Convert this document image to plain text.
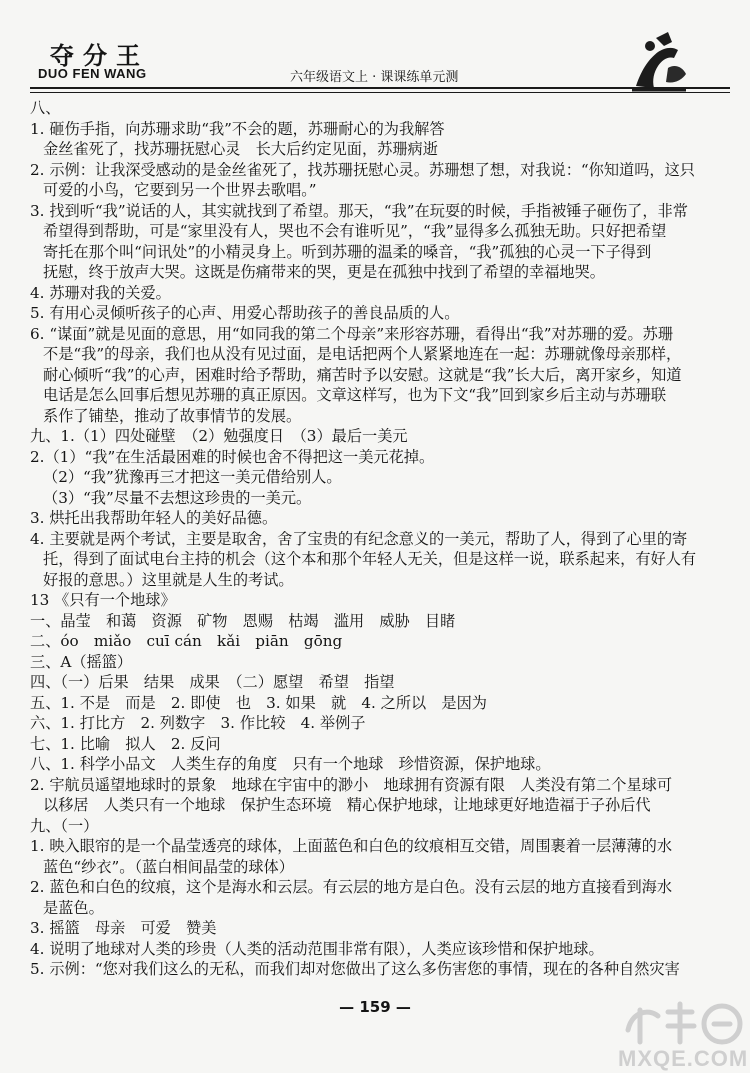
夺分王
DUO FEN WANG	六年级语文上 · 课课练单元测
八、
1. 砸伤手指，向苏珊求助“我”不会的题，苏珊耐心的为我解答
金丝雀死了，找苏珊抚慰心灵　长大后约定见面，苏珊病逝
2. 示例：让我深受感动的是金丝雀死了，找苏珊抚慰心灵。苏珊想了想，对我说：“你知道吗，这只
可爱的小鸟，它要到另一个世界去歌唱。”
3. 找到听“我”说话的人，其实就找到了希望。那天，“我”在玩耍的时候，手指被锤子砸伤了，非常
希望得到帮助，可是“家里没有人，哭也不会有谁听见”，“我”显得多么孤独无助。只好把希望
寄托在那个叫“问讯处”的小精灵身上。听到苏珊的温柔的嗓音，“我”孤独的心灵一下子得到
抚慰，终于放声大哭。这既是伤痛带来的哭，更是在孤独中找到了希望的幸福地哭。
4. 苏珊对我的关爱。
5. 有用心灵倾听孩子的心声、用爱心帮助孩子的善良品质的人。
6. “谋面”就是见面的意思，用“如同我的第二个母亲”来形容苏珊，看得出“我”对苏珊的爱。苏珊
不是“我”的母亲，我们也从没有见过面，是电话把两个人紧紧地连在一起：苏珊就像母亲那样，
耐心倾听“我”的心声，困难时给予帮助，痛苦时予以安慰。这就是“我”长大后，离开家乡，知道
电话是怎么回事后想见苏珊的真正原因。文章这样写，也为下文“我”回到家乡后主动与苏珊联
系作了铺垫，推动了故事情节的发展。
九、1.（1）四处碰壁　（2）勉强度日　（3）最后一美元
2.（1）“我”在生活最困难的时候也舍不得把这一美元花掉。
（2）“我”犹豫再三才把这一美元借给别人。
（3）“我”尽量不去想这珍贵的一美元。
3. 烘托出我帮助年轻人的美好品德。
4. 主要就是两个考试，主要是取舍，舍了宝贵的有纪念意义的一美元，帮助了人，得到了心里的寄
托，得到了面试电台主持的机会（这个本和那个年轻人无关，但是这样一说，联系起来，有好人有
好报的意思。）这里就是人生的考试。
13 《只有一个地球》
一、晶莹　和蔼　资源　矿物　恩赐　枯竭　滥用　威胁　目睹
二、óo　miǎo　cuī cán　kǎi　piān　gōng
三、A（摇篮）
四、（一）后果　结果　成果　（二）愿望　希望　指望
五、1. 不是　而是　2. 即使　也　3. 如果　就　4. 之所以　是因为
六、1. 打比方　2. 列数字　3. 作比较　4. 举例子
七、1. 比喻　拟人　2. 反问
八、1. 科学小品文　人类生存的角度　只有一个地球　珍惜资源，保护地球。
2. 宇航员遥望地球时的景象　地球在宇宙中的渺小　地球拥有资源有限　人类没有第二个星球可
以移居　人类只有一个地球　保护生态环境　精心保护地球，让地球更好地造福于子孙后代
九、（一）
1. 映入眼帘的是一个晶莹透亮的球体，上面蓝色和白色的纹痕相互交错，周围裹着一层薄薄的水
蓝色“纱衣”。（蓝白相间晶莹的球体）
2. 蓝色和白色的纹痕，这个是海水和云层。有云层的地方是白色。没有云层的地方直接看到海水
是蓝色。
3. 摇篮　母亲　可爱　赞美
4. 说明了地球对人类的珍贵（人类的活动范围非常有限），人类应该珍惜和保护地球。
5. 示例：“您对我们这么的无私，而我们却对您做出了这么多伤害您的事情，现在的各种自然灾害
— 159 —
MXQE.COM
